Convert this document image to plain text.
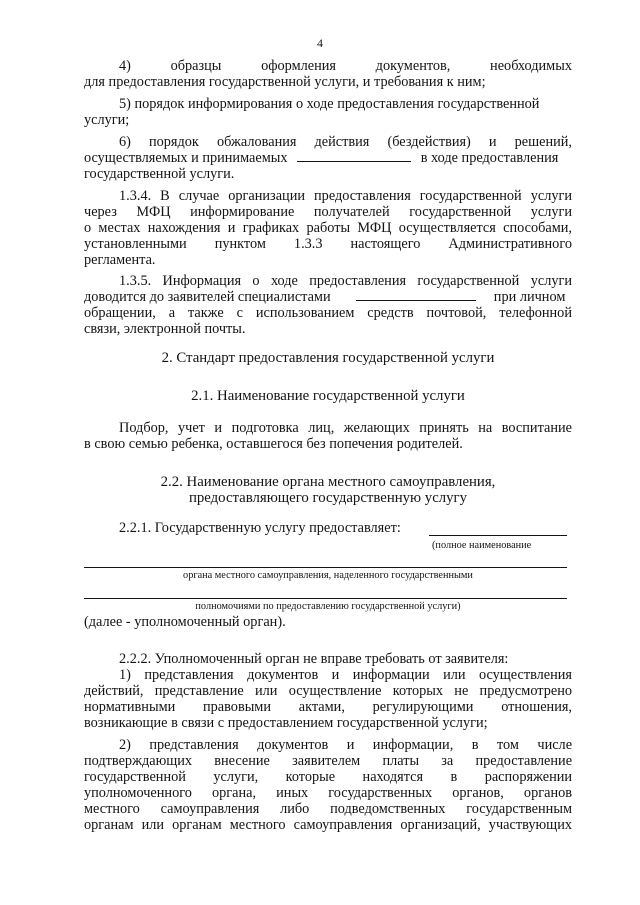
4
4)	образцы	оформления	документов,	необходимых
для предоставления государственной услуги, и требования к ним;
5) порядок информирования о ходе предоставления государственной
услуги;
6) порядок обжалования действия (бездействия) и решений,
осуществляемых и принимаемых	в ходе предоставления
государственной услуги.
1.3.4. В случае организации предоставления государственной услуги
через МФЦ информирование получателей государственной услуги
о местах нахождения и графиках работы МФЦ осуществляется способами,
установленными пунктом 1.3.3 настоящего Административного
регламента.
1.3.5. Информация о ходе предоставления государственной услуги
доводится до заявителей специалистами	при личном
обращении, а также с использованием средств почтовой, телефонной
связи, электронной почты.
2. Стандарт предоставления государственной услуги
2.1. Наименование государственной услуги
Подбор, учет и подготовка лиц, желающих принять на воспитание
в свою семью ребенка, оставшегося без попечения родителей.
2.2. Наименование органа местного самоуправления,
предоставляющего государственную услугу
2.2.1. Государственную услугу предоставляет:
(полное наименование
органа местного самоуправления, наделенного государственными
полномочиями по предоставлению государственной услуги)
(далее - уполномоченный орган).
2.2.2. Уполномоченный орган не вправе требовать от заявителя:
1) представления документов и информации или осуществления
действий, представление или осуществление которых не предусмотрено
нормативными правовыми актами, регулирующими отношения,
возникающие в связи с предоставлением государственной услуги;
2) представления документов и информации, в том числе
подтверждающих внесение заявителем платы за предоставление
государственной услуги, которые находятся в распоряжении
уполномоченного органа, иных государственных органов, органов
местного самоуправления либо подведомственных государственным
органам или органам местного самоуправления организаций, участвующих
